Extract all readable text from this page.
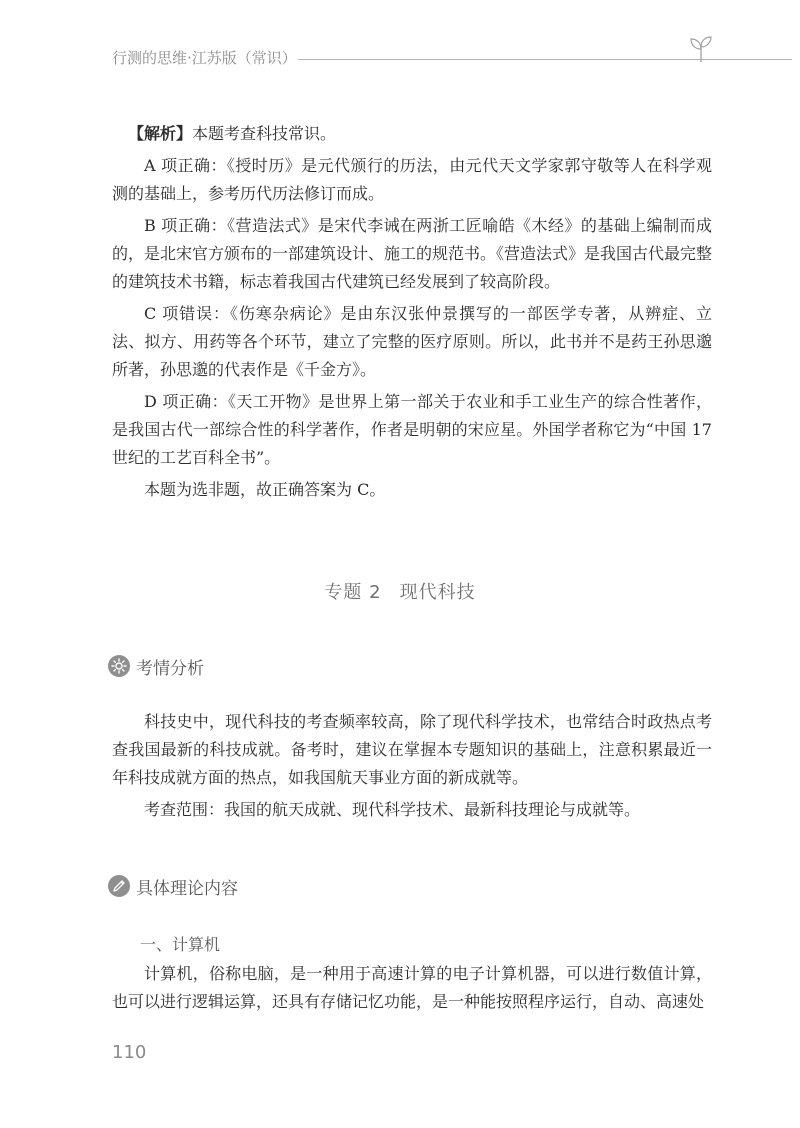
行测的思维·江苏版（常识）

【解析】本题考查科技常识。

A 项正确：《授时历》是元代颁行的历法，由元代天文学家郭守敬等人在科学观测的基础上，参考历代历法修订而成。

B 项正确：《营造法式》是宋代李诫在两浙工匠喻皓《木经》的基础上编制而成的，是北宋官方颁布的一部建筑设计、施工的规范书。《营造法式》是我国古代最完整的建筑技术书籍，标志着我国古代建筑已经发展到了较高阶段。

C 项错误：《伤寒杂病论》是由东汉张仲景撰写的一部医学专著，从辨症、立法、拟方、用药等各个环节，建立了完整的医疗原则。所以，此书并不是药王孙思邈所著，孙思邈的代表作是《千金方》。

D 项正确：《天工开物》是世界上第一部关于农业和手工业生产的综合性著作，是我国古代一部综合性的科学著作，作者是明朝的宋应星。外国学者称它为“中国 17 世纪的工艺百科全书”。

本题为选非题，故正确答案为 C。

专题 2 现代科技
考情分析

科技史中，现代科技的考查频率较高，除了现代科学技术，也常结合时政热点考查我国最新的科技成就。备考时，建议在掌握本专题知识的基础上，注意积累最近一年科技成就方面的热点，如我国航天事业方面的新成就等。

考查范围：我国的航天成就、现代科学技术、最新科技理论与成就等。

具体理论内容
一、计算机

计算机，俗称电脑，是一种用于高速计算的电子计算机器，可以进行数值计算，也可以进行逻辑运算，还具有存储记忆功能，是一种能按照程序运行，自动、高速处

110
